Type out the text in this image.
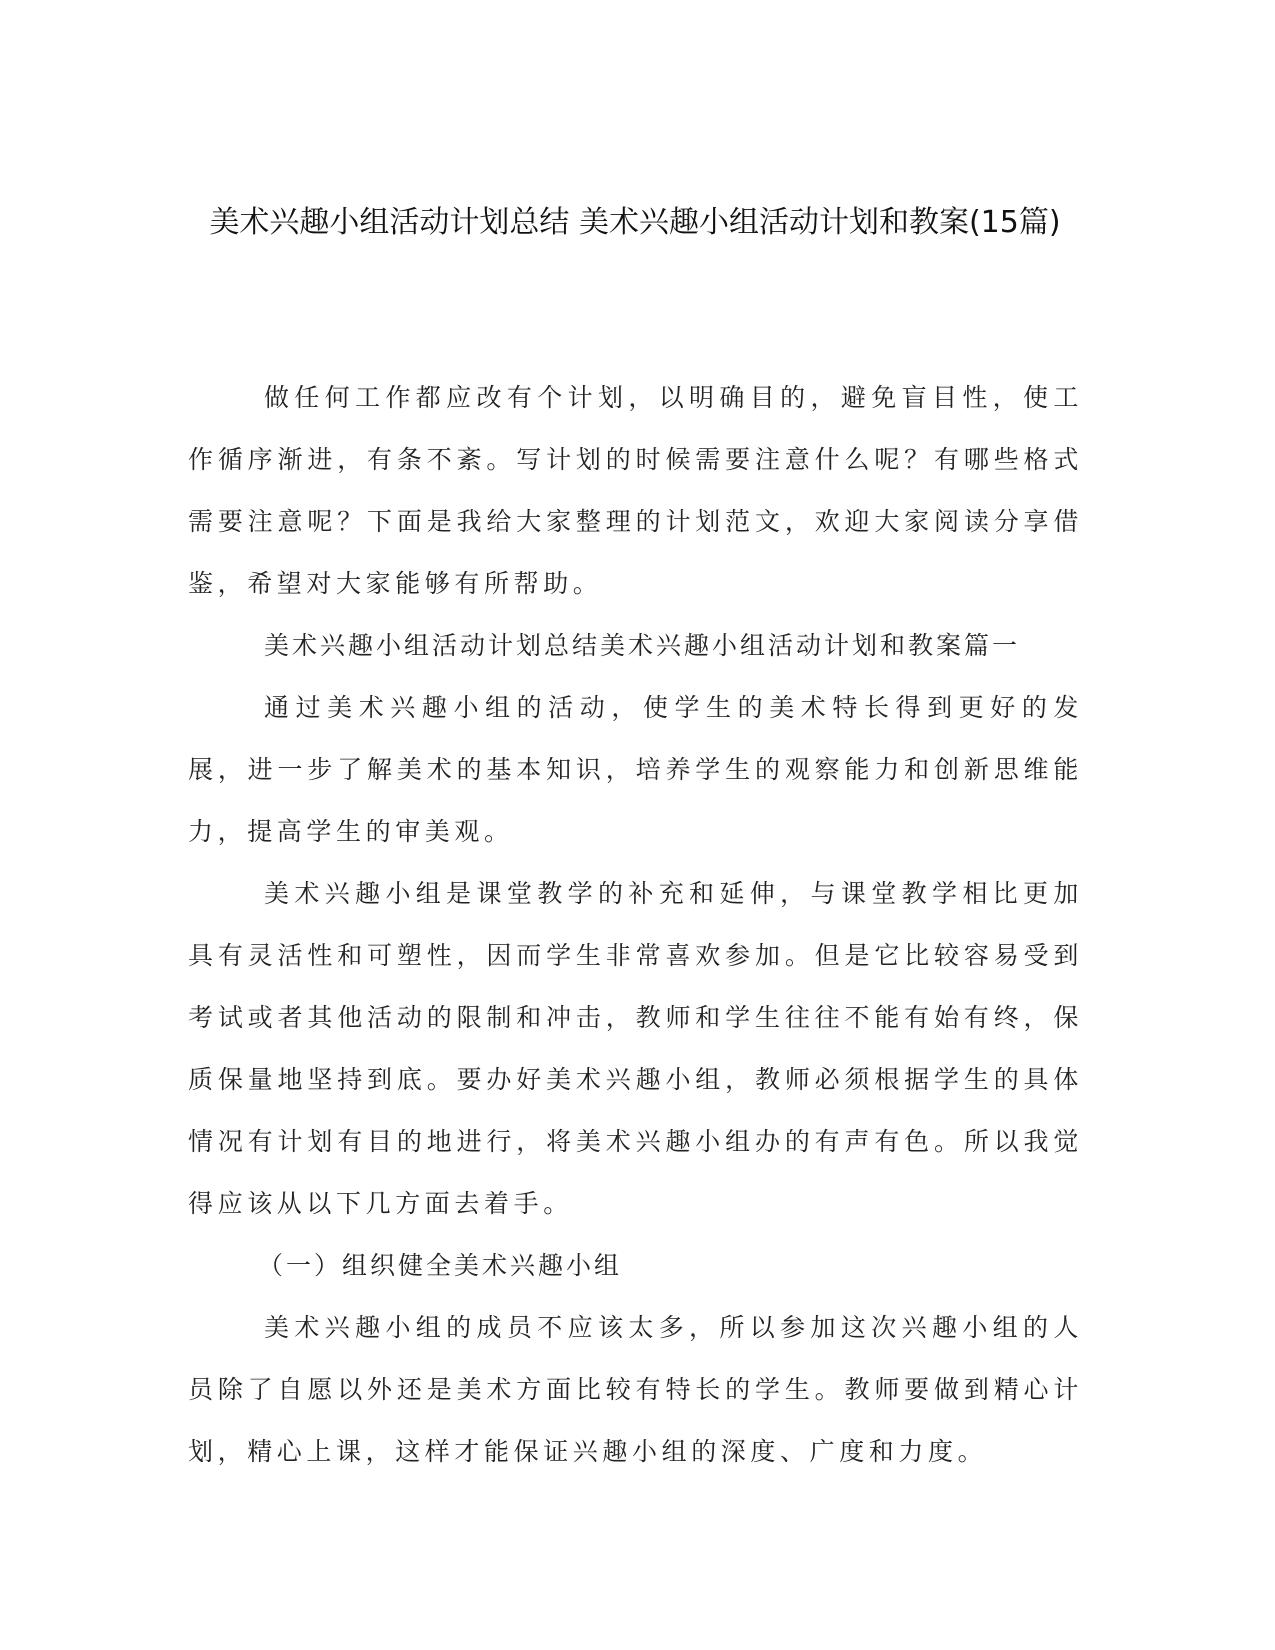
美术兴趣小组活动计划总结 美术兴趣小组活动计划和教案(15篇)

做任何工作都应改有个计划，以明确目的，避免盲目性，使工作循序渐进，有条不紊。写计划的时候需要注意什么呢？有哪些格式需要注意呢？下面是我给大家整理的计划范文，欢迎大家阅读分享借鉴，希望对大家能够有所帮助。

美术兴趣小组活动计划总结美术兴趣小组活动计划和教案篇一

通过美术兴趣小组的活动，使学生的美术特长得到更好的发展，进一步了解美术的基本知识，培养学生的观察能力和创新思维能力，提高学生的审美观。

美术兴趣小组是课堂教学的补充和延伸，与课堂教学相比更加具有灵活性和可塑性，因而学生非常喜欢参加。但是它比较容易受到考试或者其他活动的限制和冲击，教师和学生往往不能有始有终，保质保量地坚持到底。要办好美术兴趣小组，教师必须根据学生的具体情况有计划有目的地进行，将美术兴趣小组办的有声有色。所以我觉得应该从以下几方面去着手。

（一）组织健全美术兴趣小组

美术兴趣小组的成员不应该太多，所以参加这次兴趣小组的人员除了自愿以外还是美术方面比较有特长的学生。教师要做到精心计划，精心上课，这样才能保证兴趣小组的深度、广度和力度。
